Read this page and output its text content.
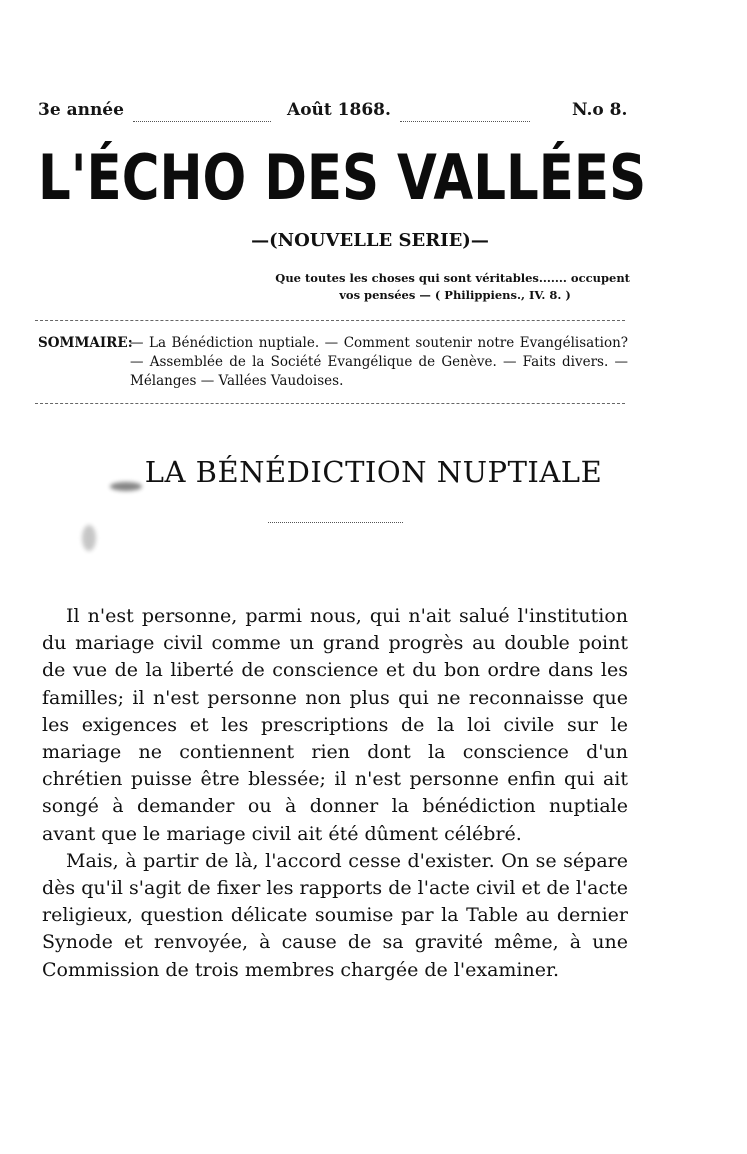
3e année	Août 1868.	N.o 8.
L'ÉCHO DES VALLÉES
—(NOUVELLE SERIE)—
Que toutes les choses qui sont véritables....... occupent
vos pensées — ( Philippiens., IV. 8. )
SOMMAIRE:
— La Bénédiction nuptiale. — Comment soutenir notre Evangélisation? — Assemblée de la Société Evangélique de Genève. — Faits divers. — Mélanges — Vallées Vaudoises.
LA BÉNÉDICTION NUPTIALE

Il n'est personne, parmi nous, qui n'ait salué l'institution du mariage civil comme un grand progrès au double point de vue de la liberté de conscience et du bon ordre dans les familles; il n'est personne non plus qui ne reconnaisse que les exigences et les prescriptions de la loi civile sur le mariage ne contiennent rien dont la conscience d'un chrétien puisse être blessée; il n'est personne enfin qui ait songé à demander ou à donner la bénédiction nuptiale avant que le mariage civil ait été dûment célébré.

Mais, à partir de là, l'accord cesse d'exister. On se sépare dès qu'il s'agit de fixer les rapports de l'acte civil et de l'acte religieux, question délicate soumise par la Table au dernier Synode et renvoyée, à cause de sa gravité même, à une Commission de trois membres chargée de l'examiner.
